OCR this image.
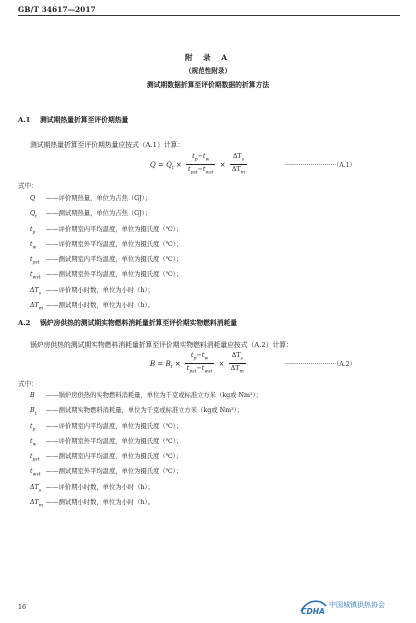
GB/T 34617—2017
附 录 A
（规范性附录）
测试期数据折算至评价期数据的折算方法
A.1 测试期热量折算至评价期热量
测试期热量折算至评价期热量应按式（A.1）计算：
$Q = Q_t \times \frac{t_p-t_w}{t_{pst}-t_{wst}} \times \frac{\Delta T_s}{\Delta T_m}$	··························（A.1）
式中：
Q ——评价期热量，单位为吉焦（GJ）；
$Q_t$ ——测试期热量，单位为吉焦（GJ）；
$t_p$ ——评价期室内平均温度，单位为摄氏度（℃）；
$t_w$ ——评价期室外平均温度，单位为摄氏度（℃）；
$t_{pst}$ ——测试期室内平均温度，单位为摄氏度（℃）；
$t_{wst}$ ——测试期室外平均温度，单位为摄氏度（℃）；
$\Delta T_s$ ——评价期小时数，单位为小时（h）；
$\Delta T_m$ ——测试期小时数，单位为小时（h）。
A.2 锅炉房供热的测试期实物燃料消耗量折算至评价期实物燃料消耗量
锅炉房供热的测试期实物燃料消耗量折算至评价期实物燃料消耗量应按式（A.2）计算：
$B = B_t \times \frac{t_p-t_w}{t_{pst}-t_{wst}} \times \frac{\Delta T_s}{\Delta T_m}$	··························（A.2）
式中：
B ——锅炉房供热的实物燃料消耗量，单位为千克或标准立方米（kg或 Nm³）；
$B_t$ ——测试期实物燃料消耗量，单位为千克或标准立方米（kg或 Nm³）；
$t_p$ ——评价期室内平均温度，单位为摄氏度（℃）；
$t_w$ ——评价期室外平均温度，单位为摄氏度（℃）；
$t_{pst}$ ——测试期室内平均温度，单位为摄氏度（℃）；
$t_{wst}$ ——测试期室外平均温度，单位为摄氏度（℃）；
$\Delta T_s$ ——评价期小时数，单位为小时（h）；
$\Delta T_m$ ——测试期小时数，单位为小时（h）。
16	CDHA
中国城镇供热协会
